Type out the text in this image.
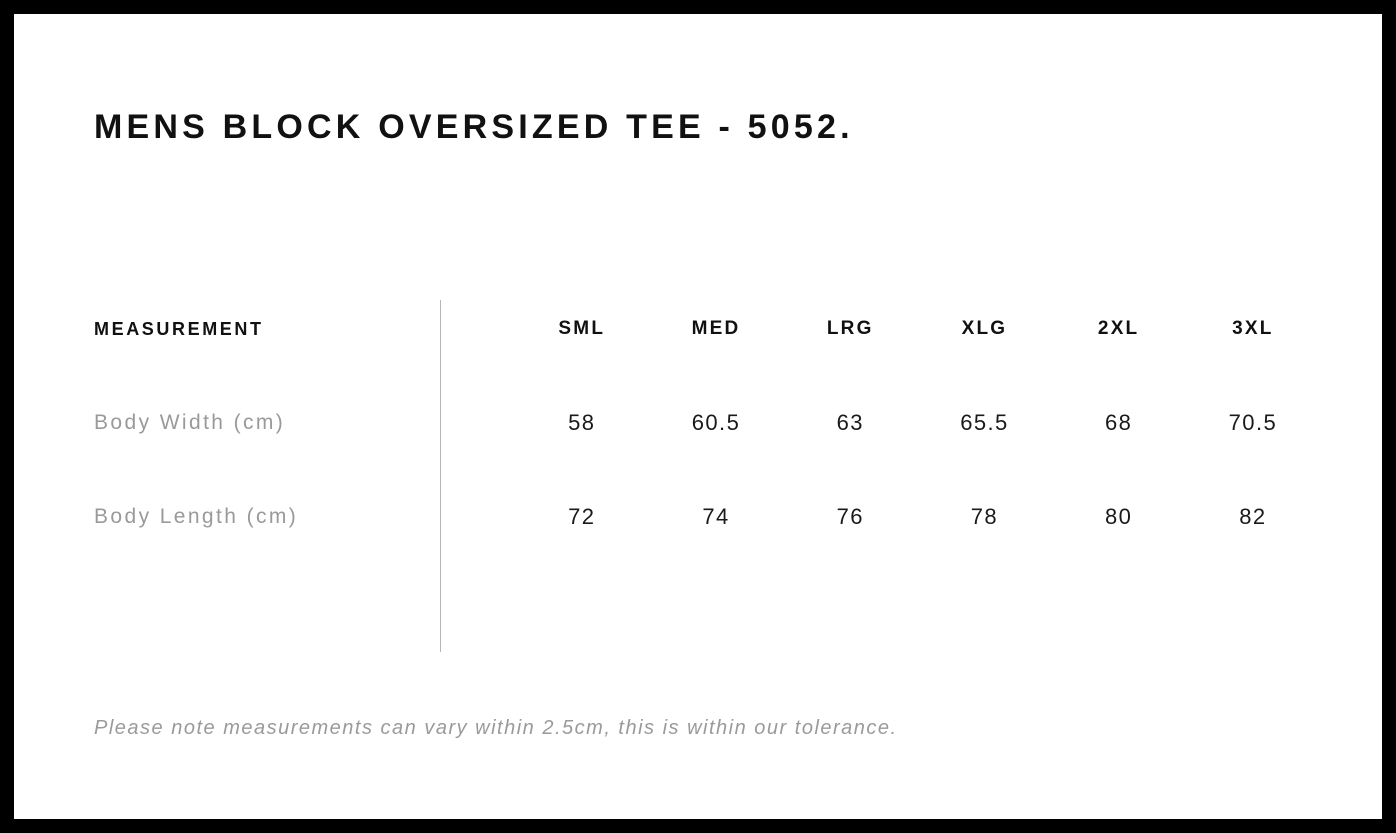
MENS BLOCK OVERSIZED TEE - 5052.
MEASUREMENT	SML	MED	LRG	XLG	2XL	3XL
Body Width (cm)	58	60.5	63	65.5	68	70.5
Body Length (cm)	72	74	76	78	80	82
Please note measurements can vary within 2.5cm, this is within our tolerance.
